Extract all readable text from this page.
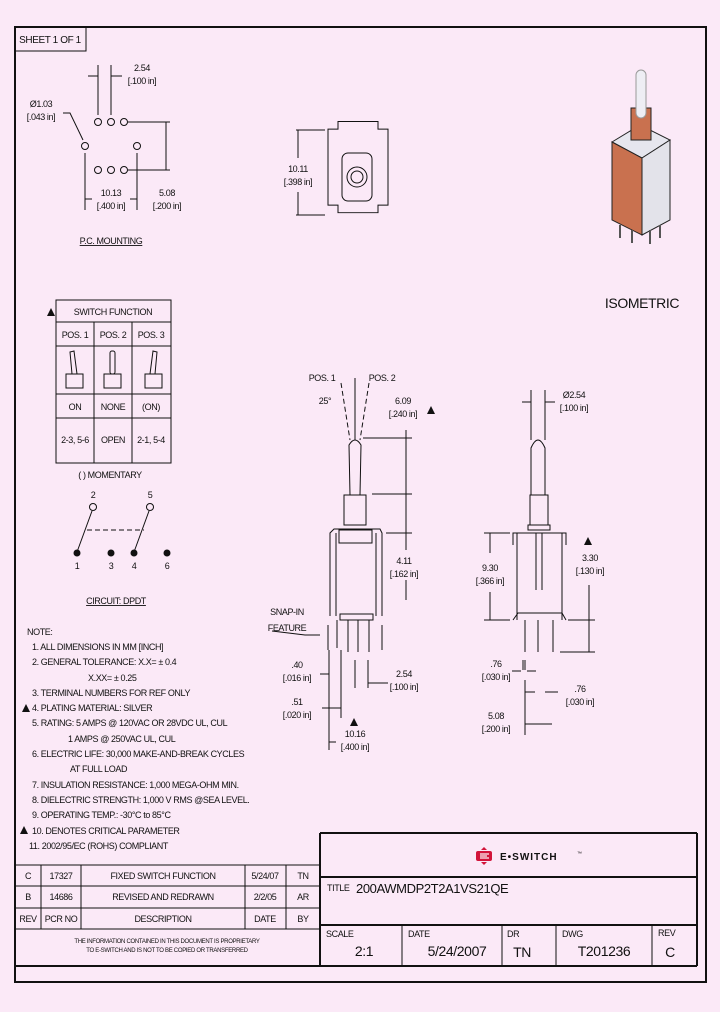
SHEET 1 OF 1
2.54
[.100 in]
Ø1.03
[.043 in]
10.13
[.400 in]
5.08
[.200 in]
P.C. MOUNTING
10.11
[.398 in]
ISOMETRIC
SWITCH FUNCTION
POS. 1 POS. 2 POS. 3
ON NONE (ON)
2-3, 5-6 OPEN 2-1, 5-4
( ) MOMENTARY
2	5
1	3 4	6
CIRCUIT: DPDT
POS. 1	POS. 2
25°	6.09
[.240 in]
4.11
[.162 in]
SNAP-IN
FEATURE
.40
[.016 in]
.51
[.020 in]
2.54
[.100 in]
10.16
[.400 in]
Ø2.54
[.100 in]
9.30
[.366 in]
3.30
[.130 in]
.76
[.030 in]
.76
[.030 in]
5.08
[.200 in]
NOTE:
1. ALL DIMENSIONS IN MM [INCH]
2. GENERAL TOLERANCE: X.X= ± 0.4
X.XX= ± 0.25
3. TERMINAL NUMBERS FOR REF ONLY
4. PLATING MATERIAL: SILVER
5. RATING: 5 AMPS @ 120VAC OR 28VDC UL, CUL
1 AMPS @ 250VAC UL, CUL
6. ELECTRIC LIFE: 30,000 MAKE-AND-BREAK CYCLES
AT FULL LOAD
7. INSULATION RESISTANCE: 1,000 MEGA-OHM MIN.
8. DIELECTRIC STRENGTH: 1,000 V RMS @SEA LEVEL.
9. OPERATING TEMP.: -30°C to 85°C
10. DENOTES CRITICAL PARAMETER
11. 2002/95/EC (ROHS) COMPLIANT
C 17327	FIXED SWITCH FUNCTION	5/24/07 TN
B 14686	REVISED AND REDRAWN	2/2/05 AR
REV PCR NO	DESCRIPTION	DATE BY
THE INFORMATION CONTAINED IN THIS DOCUMENT IS PROPRIETARY
TO E-SWITCH AND IS NOT TO BE COPIED OR TRANSFERRED
E•SWITCH	™
TITLE 200AWMDP2T2A1VS21QE
SCALE
2:1
DATE
5/24/2007
DR
TN
DWG
T201236
REV
C
